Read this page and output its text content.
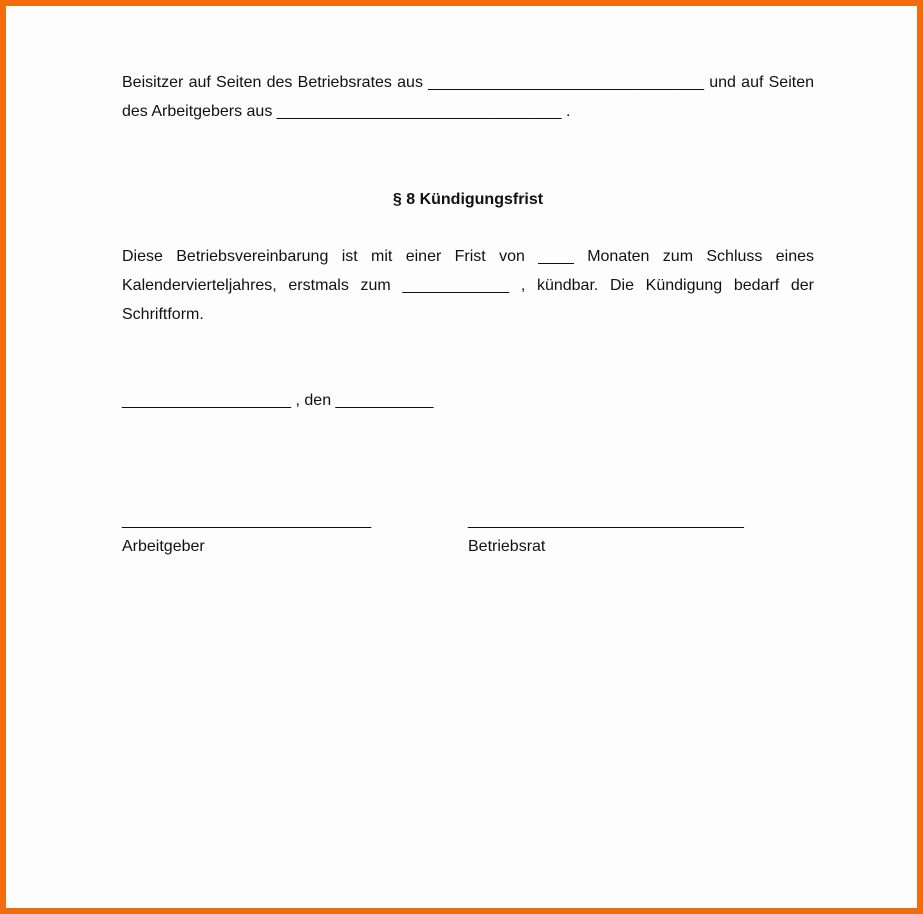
Beisitzer auf Seiten des Betriebsrates aus _______________________________ und auf Seiten des Arbeitgebers aus ________________________________ .
§ 8 Kündigungsfrist
Diese Betriebsvereinbarung ist mit einer Frist von ____ Monaten zum Schluss eines Kalendervierteljahres, erstmals zum ____________ , kündbar. Die Kündigung bedarf der Schriftform.
___________________ , den ___________
____________________________
Arbeitgeber
_______________________________
Betriebsrat
